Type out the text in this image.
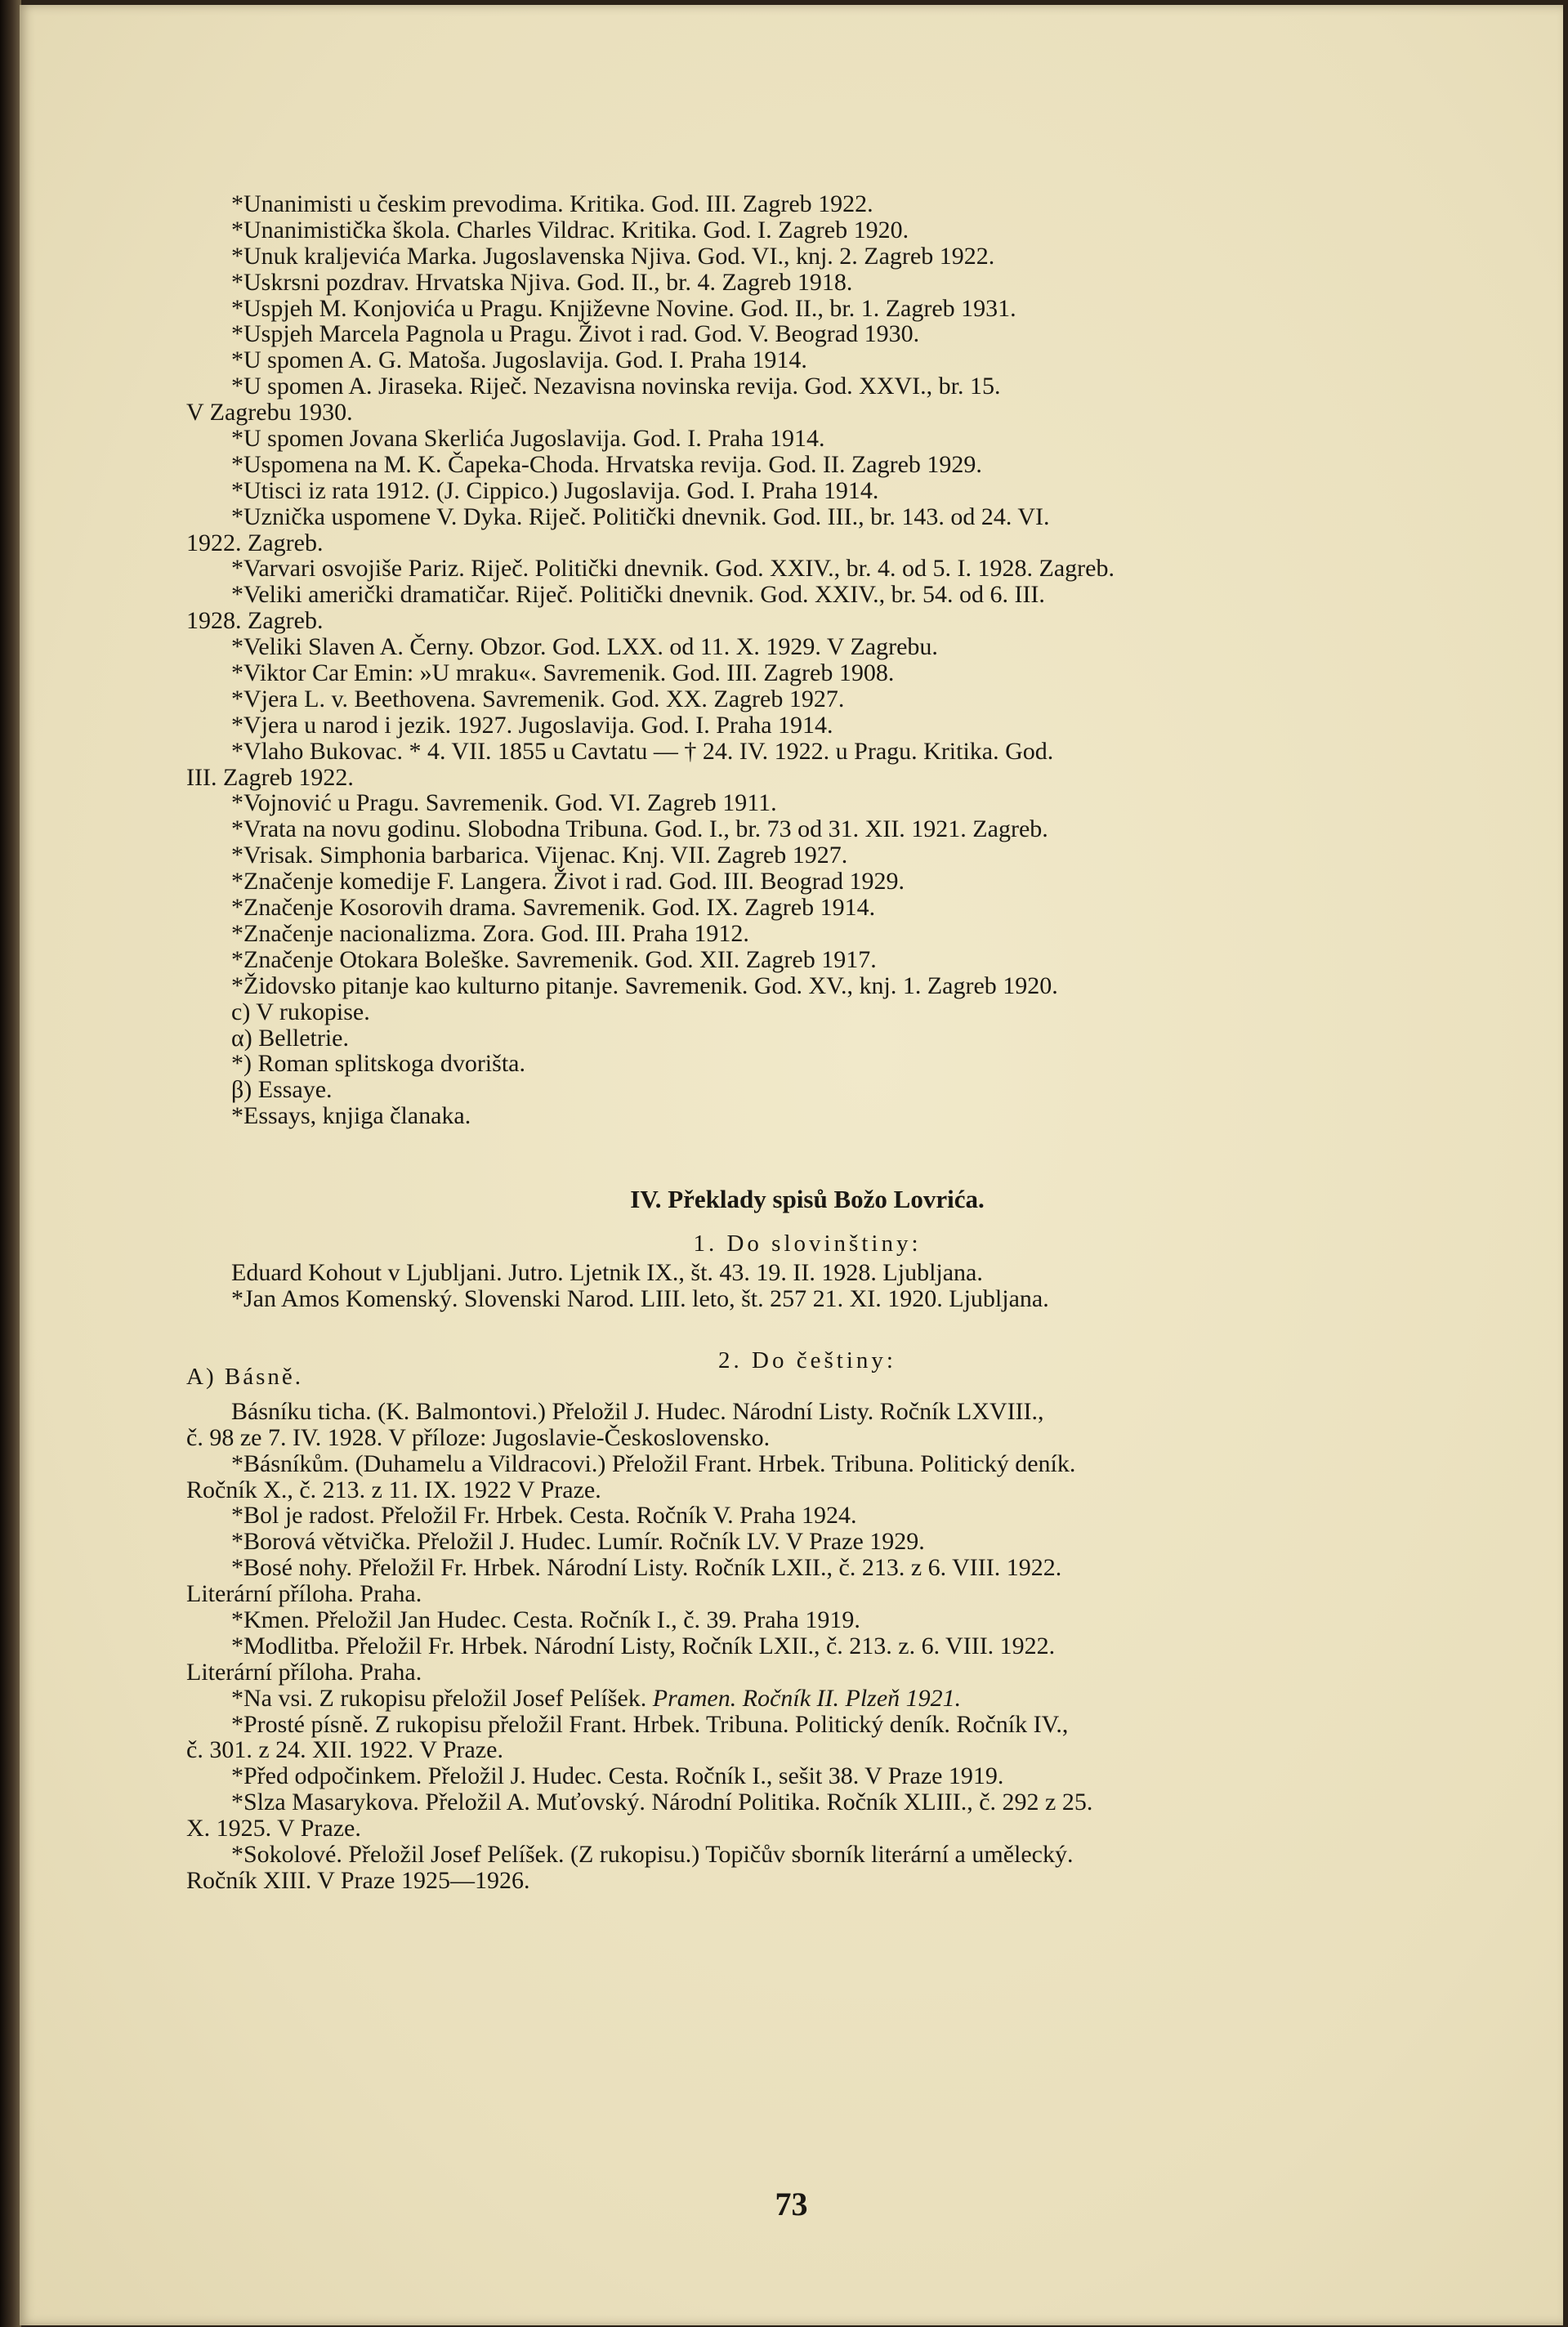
*Unanimisti u českim prevodima. Kritika. God. III. Zagreb 1922.
*Unanimistička škola. Charles Vildrac. Kritika. God. I. Zagreb 1920.
*Unuk kraljevića Marka. Jugoslavenska Njiva. God. VI., knj. 2. Zagreb 1922.
*Uskrsni pozdrav. Hrvatska Njiva. God. II., br. 4. Zagreb 1918.
*Uspjeh M. Konjovića u Pragu. Književne Novine. God. II., br. 1. Zagreb 1931.
*Uspjeh Marcela Pagnola u Pragu. Život i rad. God. V. Beograd 1930.
*U spomen A. G. Matoša. Jugoslavija. God. I. Praha 1914.
*U spomen A. Jiraseka. Riječ. Nezavisna novinska revija. God. XXVI., br. 15.
V Zagrebu 1930.
*U spomen Jovana Skerlića Jugoslavija. God. I. Praha 1914.
*Uspomena na M. K. Čapeka-Choda. Hrvatska revija. God. II. Zagreb 1929.
*Utisci iz rata 1912. (J. Cippico.) Jugoslavija. God. I. Praha 1914.
*Uznička uspomene V. Dyka. Riječ. Politički dnevnik. God. III., br. 143. od 24. VI.
1922. Zagreb.
*Varvari osvojiše Pariz. Riječ. Politički dnevnik. God. XXIV., br. 4. od 5. I. 1928. Zagreb.
*Veliki američki dramatičar. Riječ. Politički dnevnik. God. XXIV., br. 54. od 6. III.
1928. Zagreb.
*Veliki Slaven A. Černy. Obzor. God. LXX. od 11. X. 1929. V Zagrebu.
*Viktor Car Emin: »U mraku«. Savremenik. God. III. Zagreb 1908.
*Vjera L. v. Beethovena. Savremenik. God. XX. Zagreb 1927.
*Vjera u narod i jezik. 1927. Jugoslavija. God. I. Praha 1914.
*Vlaho Bukovac. * 4. VII. 1855 u Cavtatu — † 24. IV. 1922. u Pragu. Kritika. God.
III. Zagreb 1922.
*Vojnović u Pragu. Savremenik. God. VI. Zagreb 1911.
*Vrata na novu godinu. Slobodna Tribuna. God. I., br. 73 od 31. XII. 1921. Zagreb.
*Vrisak. Simphonia barbarica. Vijenac. Knj. VII. Zagreb 1927.
*Značenje komedije F. Langera. Život i rad. God. III. Beograd 1929.
*Značenje Kosorovih drama. Savremenik. God. IX. Zagreb 1914.
*Značenje nacionalizma. Zora. God. III. Praha 1912.
*Značenje Otokara Boleške. Savremenik. God. XII. Zagreb 1917.
*Židovsko pitanje kao kulturno pitanje. Savremenik. God. XV., knj. 1. Zagreb 1920.
c) V rukopise.
α) Belletrie.
*) Roman splitskoga dvorišta.
β) Essaye.
*Essays, knjiga članaka.
IV. Překlady spisů Božo Lovrića.
1. Do slovinštiny:
Eduard Kohout v Ljubljani. Jutro. Ljetnik IX., št. 43. 19. II. 1928. Ljubljana.
*Jan Amos Komenský. Slovenski Narod. LIII. leto, št. 257 21. XI. 1920. Ljubljana.
2. Do češtiny:
A) Básně.
Básníku ticha. (K. Balmontovi.) Přeložil J. Hudec. Národní Listy. Ročník LXVIII.,
č. 98 ze 7. IV. 1928. V příloze: Jugoslavie-Československo.
*Básníkům. (Duhamelu a Vildracovi.) Přeložil Frant. Hrbek. Tribuna. Politický deník.
Ročník X., č. 213. z 11. IX. 1922 V Praze.
*Bol je radost. Přeložil Fr. Hrbek. Cesta. Ročník V. Praha 1924.
*Borová větvička. Přeložil J. Hudec. Lumír. Ročník LV. V Praze 1929.
*Bosé nohy. Přeložil Fr. Hrbek. Národní Listy. Ročník LXII., č. 213. z 6. VIII. 1922.
Literární příloha. Praha.
*Kmen. Přeložil Jan Hudec. Cesta. Ročník I., č. 39. Praha 1919.
*Modlitba. Přeložil Fr. Hrbek. Národní Listy, Ročník LXII., č. 213. z. 6. VIII. 1922.
Literární příloha. Praha.
*Na vsi. Z rukopisu přeložil Josef Pelíšek. Pramen. Ročník II. Plzeň 1921.
*Prosté písně. Z rukopisu přeložil Frant. Hrbek. Tribuna. Politický deník. Ročník IV.,
č. 301. z 24. XII. 1922. V Praze.
*Před odpočinkem. Přeložil J. Hudec. Cesta. Ročník I., sešit 38. V Praze 1919.
*Slza Masarykova. Přeložil A. Muťovský. Národní Politika. Ročník XLIII., č. 292 z 25.
X. 1925. V Praze.
*Sokolové. Přeložil Josef Pelíšek. (Z rukopisu.) Topičův sborník literární a umělecký.
Ročník XIII. V Praze 1925—1926.
73
